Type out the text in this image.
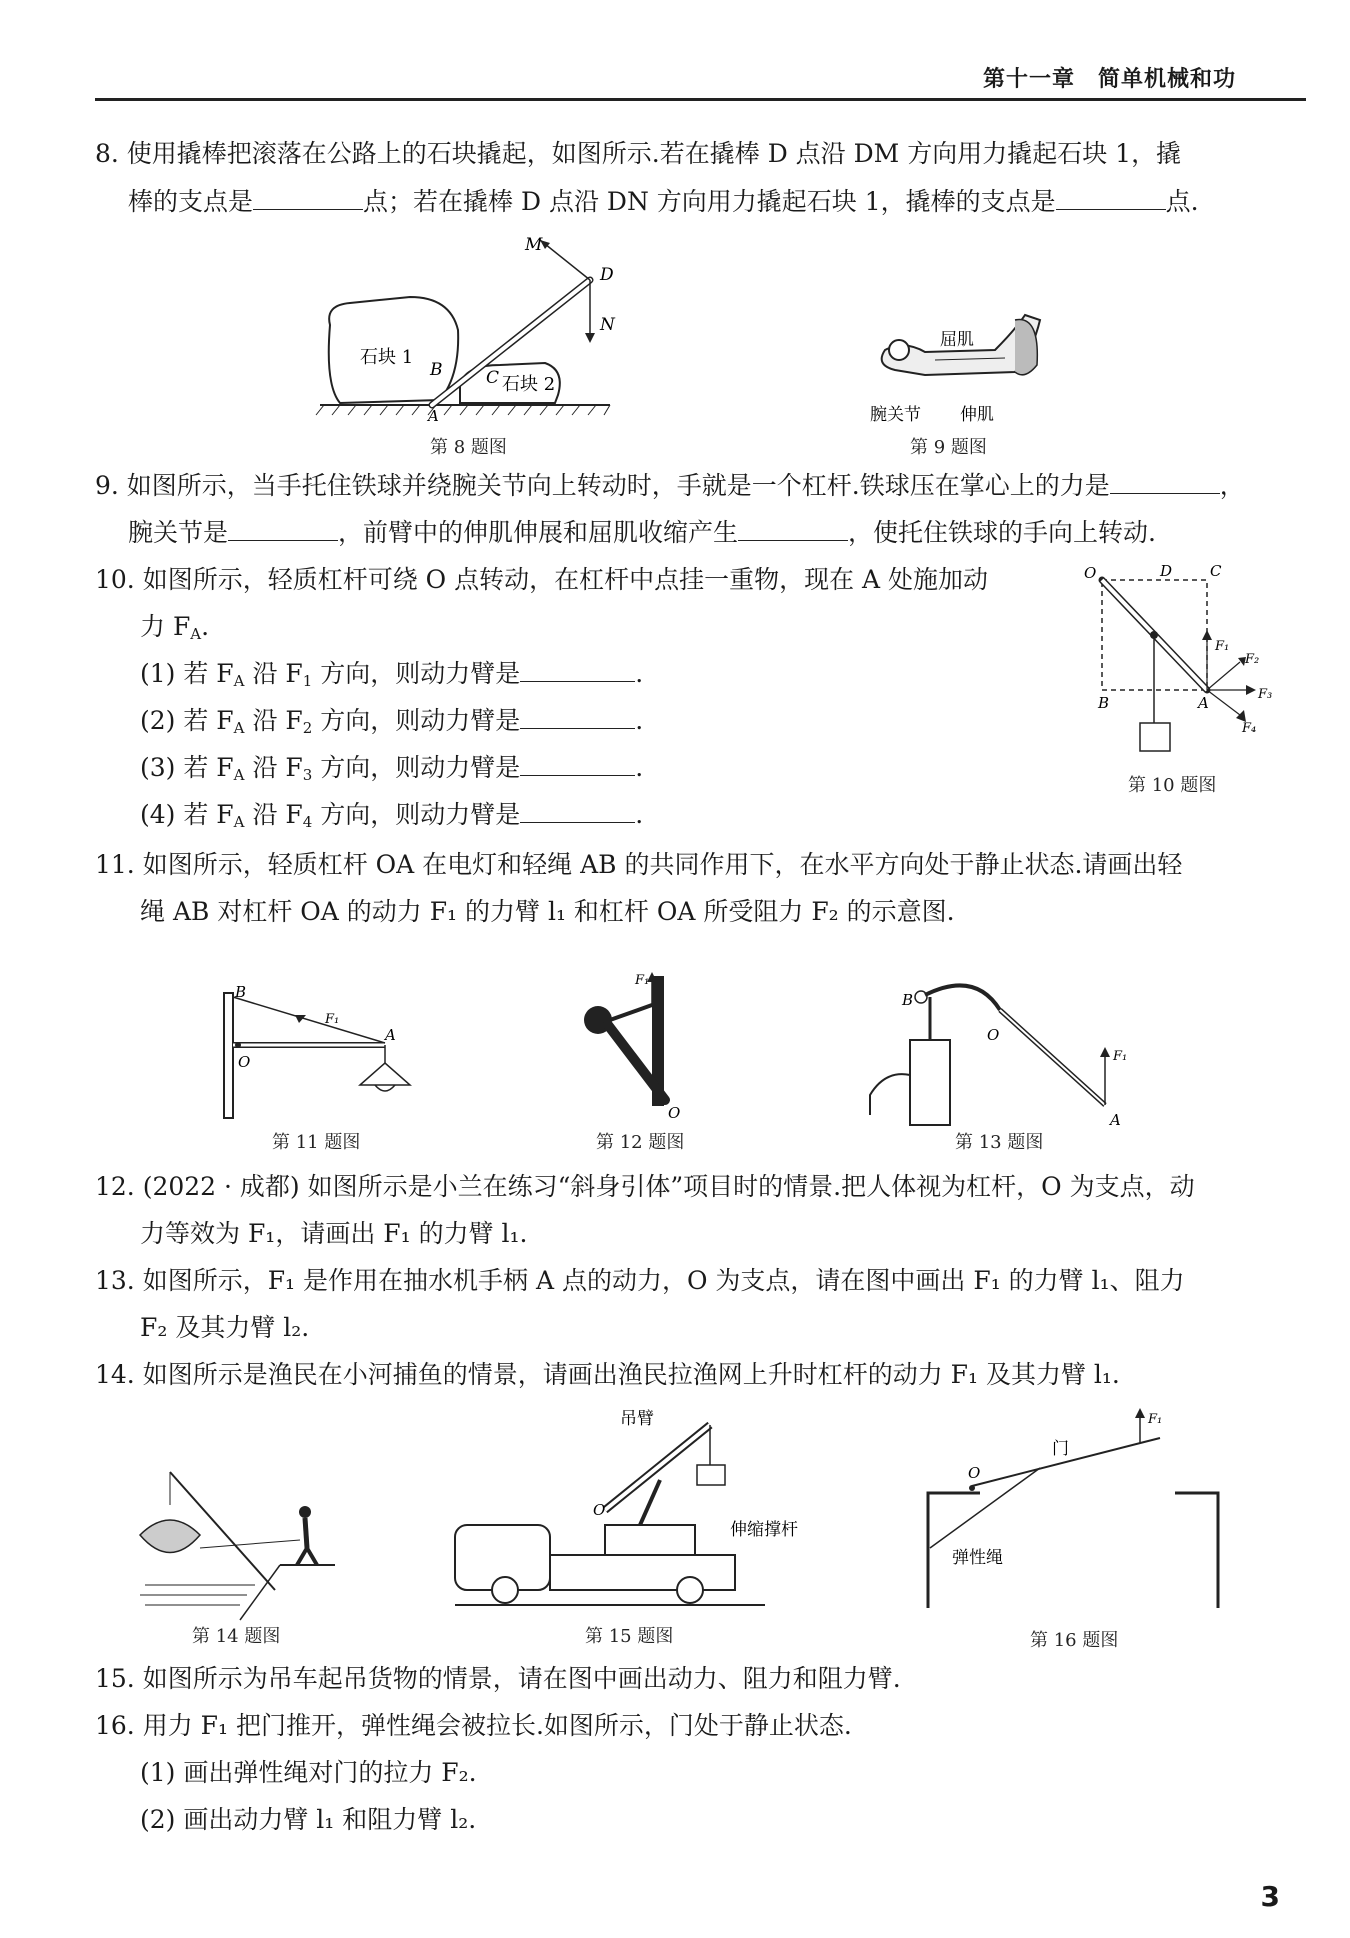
第十一章　简单机械和功
8. 使用撬棒把滚落在公路上的石块撬起，如图所示.若在撬棒 D 点沿 DM 方向用力撬起石块 1，撬
棒的支点是	点；若在撬棒 D 点沿 DN 方向用力撬起石块 1，撬棒的支点是	点.
M
D
N
B	C
A
石块 1
石块 2
第 8 题图
屈肌
腕关节 伸肌
第 9 题图
9. 如图所示，当手托住铁球并绕腕关节向上转动时，手就是一个杠杆.铁球压在掌心上的力是	，
腕关节是	，前臂中的伸肌伸展和屈肌收缩产生	，使托住铁球的手向上转动.
10. 如图所示，轻质杠杆可绕 O 点转动，在杠杆中点挂一重物，现在 A 处施加动
力 $F_A$.
(1) 若 $F_A$ 沿 $F_1$ 方向，则动力臂是	.
(2) 若 $F_A$ 沿 $F_2$ 方向，则动力臂是	.
(3) 若 $F_A$ 沿 $F_3$ 方向，则动力臂是	.
(4) 若 $F_A$ 沿 $F_4$ 方向，则动力臂是	.
O	D	C
B	A
F₁
F₂
F₃
F₄
第 10 题图
11. 如图所示，轻质杠杆 OA 在电灯和轻绳 AB 的共同作用下，在水平方向处于静止状态.请画出轻
绳 AB 对杠杆 OA 的动力 F₁ 的力臂 l₁ 和杠杆 OA 所受阻力 F₂ 的示意图.
B
O
A
F₁
第 11 题图
F₁
O
第 12 题图
B
O
F₁
A
第 13 题图
12. (2022 · 成都) 如图所示是小兰在练习“斜身引体”项目时的情景.把人体视为杠杆，O 为支点，动
力等效为 F₁，请画出 F₁ 的力臂 l₁.
13. 如图所示，F₁ 是作用在抽水机手柄 A 点的动力，O 为支点，请在图中画出 F₁ 的力臂 l₁、阻力
F₂ 及其力臂 l₂.
14. 如图所示是渔民在小河捕鱼的情景，请画出渔民拉渔网上升时杠杆的动力 F₁ 及其力臂 l₁.
第 14 题图
O
吊臂
伸缩撑杆
第 15 题图
O
F₁
门
弹性绳
第 16 题图
15. 如图所示为吊车起吊货物的情景，请在图中画出动力、阻力和阻力臂.
16. 用力 F₁ 把门推开，弹性绳会被拉长.如图所示，门处于静止状态.
(1) 画出弹性绳对门的拉力 F₂.
(2) 画出动力臂 l₁ 和阻力臂 l₂.
3
